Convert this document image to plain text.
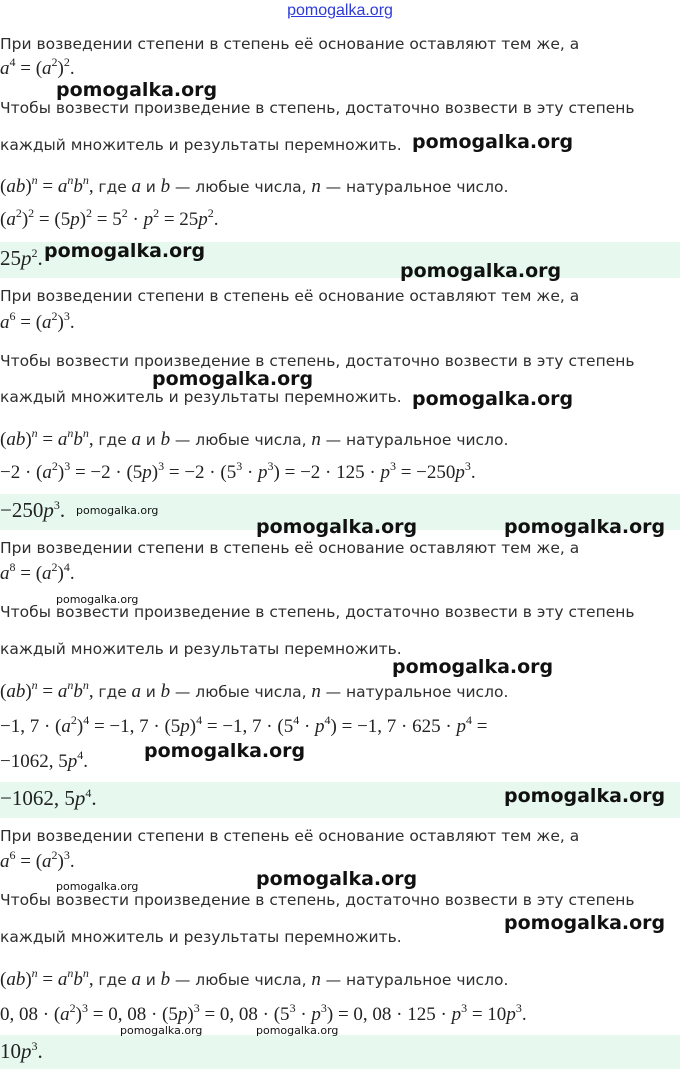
pomogalka.org
При возведении степени в степень её основание оставляют тем же, а
$a^4 = (a^2)^2$.
Чтобы возвести произведение в степень, достаточно возвести в эту степень
каждый множитель и результаты перемножить.
$(ab)^n = a^nb^n$, где a и b — любые числа, n — натуральное число.
$(a^2)^2 = (5p)^2 = 5^2 \cdot p^2 = 25p^2$.
$25p^2$.
При возведении степени в степень её основание оставляют тем же, а
$a^6 = (a^2)^3$.
Чтобы возвести произведение в степень, достаточно возвести в эту степень
каждый множитель и результаты перемножить.
$(ab)^n = a^nb^n$, где a и b — любые числа, n — натуральное число.
$-2 \cdot (a^2)^3 = -2 \cdot (5p)^3 = -2 \cdot (5^3 \cdot p^3) = -2 \cdot 125 \cdot p^3 = -250p^3$.
$-250p^3$.
При возведении степени в степень её основание оставляют тем же, а
$a^8 = (a^2)^4$.
Чтобы возвести произведение в степень, достаточно возвести в эту степень
каждый множитель и результаты перемножить.
$(ab)^n = a^nb^n$, где a и b — любые числа, n — натуральное число.
−1, $7 \cdot (a^2)^4 = -1$, $7 \cdot (5p)^4 = -1$, $7 \cdot (5^4 \cdot p^4) = -1$, $7 \cdot 625 \cdot p^4$ =
−1062, $5p^4$.
−1062, $5p^4$.
При возведении степени в степень её основание оставляют тем же, а
$a^6 = (a^2)^3$.
Чтобы возвести произведение в степень, достаточно возвести в эту степень
каждый множитель и результаты перемножить.
$(ab)^n = a^nb^n$, где a и b — любые числа, n — натуральное число.
0, $08 \cdot (a^2)^3 = 0$, $08 \cdot (5p)^3 = 0$, $08 \cdot (5^3 \cdot p^3) = 0$, $08 \cdot 125 \cdot p^3 = 10p^3$.
$10p^3$.
pomogalka.org
pomogalka.org
pomogalka.org
pomogalka.org
pomogalka.org
pomogalka.org
pomogalka.org
pomogalka.org	pomogalka.org
pomogalka.org
pomogalka.org
pomogalka.org
pomogalka.org
pomogalka.org
pomogalka.org
pomogalka.org
pomogalka.org	pomogalka.org
